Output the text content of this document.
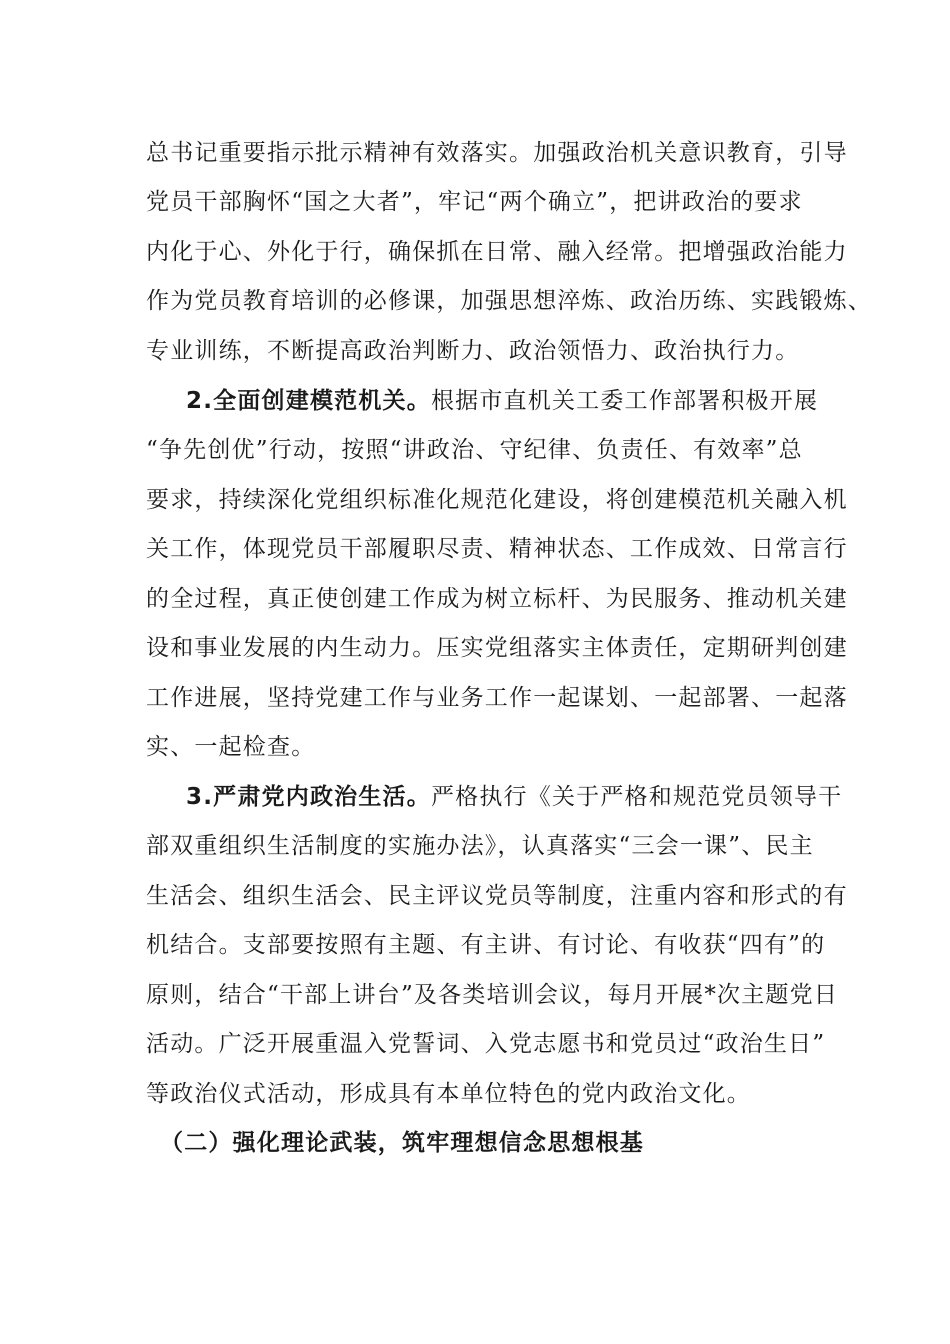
总书记重要指示批示精神有效落实。加强政治机关意识教育，引导
党员干部胸怀“国之大者”，牢记“两个确立”，把讲政治的要求
内化于心、外化于行，确保抓在日常、融入经常。把增强政治能力
作为党员教育培训的必修课，加强思想淬炼、政治历练、实践锻炼、
专业训练，不断提高政治判断力、政治领悟力、政治执行力。
2.全面创建模范机关。根据市直机关工委工作部署积极开展
“争先创优”行动，按照“讲政治、守纪律、负责任、有效率”总
要求，持续深化党组织标准化规范化建设，将创建模范机关融入机
关工作，体现党员干部履职尽责、精神状态、工作成效、日常言行
的全过程，真正使创建工作成为树立标杆、为民服务、推动机关建
设和事业发展的内生动力。压实党组落实主体责任，定期研判创建
工作进展，坚持党建工作与业务工作一起谋划、一起部署、一起落
实、一起检查。
3.严肃党内政治生活。严格执行《关于严格和规范党员领导干
部双重组织生活制度的实施办法》，认真落实“三会一课”、民主
生活会、组织生活会、民主评议党员等制度，注重内容和形式的有
机结合。支部要按照有主题、有主讲、有讨论、有收获“四有”的
原则，结合“干部上讲台”及各类培训会议，每月开展*次主题党日
活动。广泛开展重温入党誓词、入党志愿书和党员过“政治生日”
等政治仪式活动，形成具有本单位特色的党内政治文化。
（二）强化理论武装，筑牢理想信念思想根基
